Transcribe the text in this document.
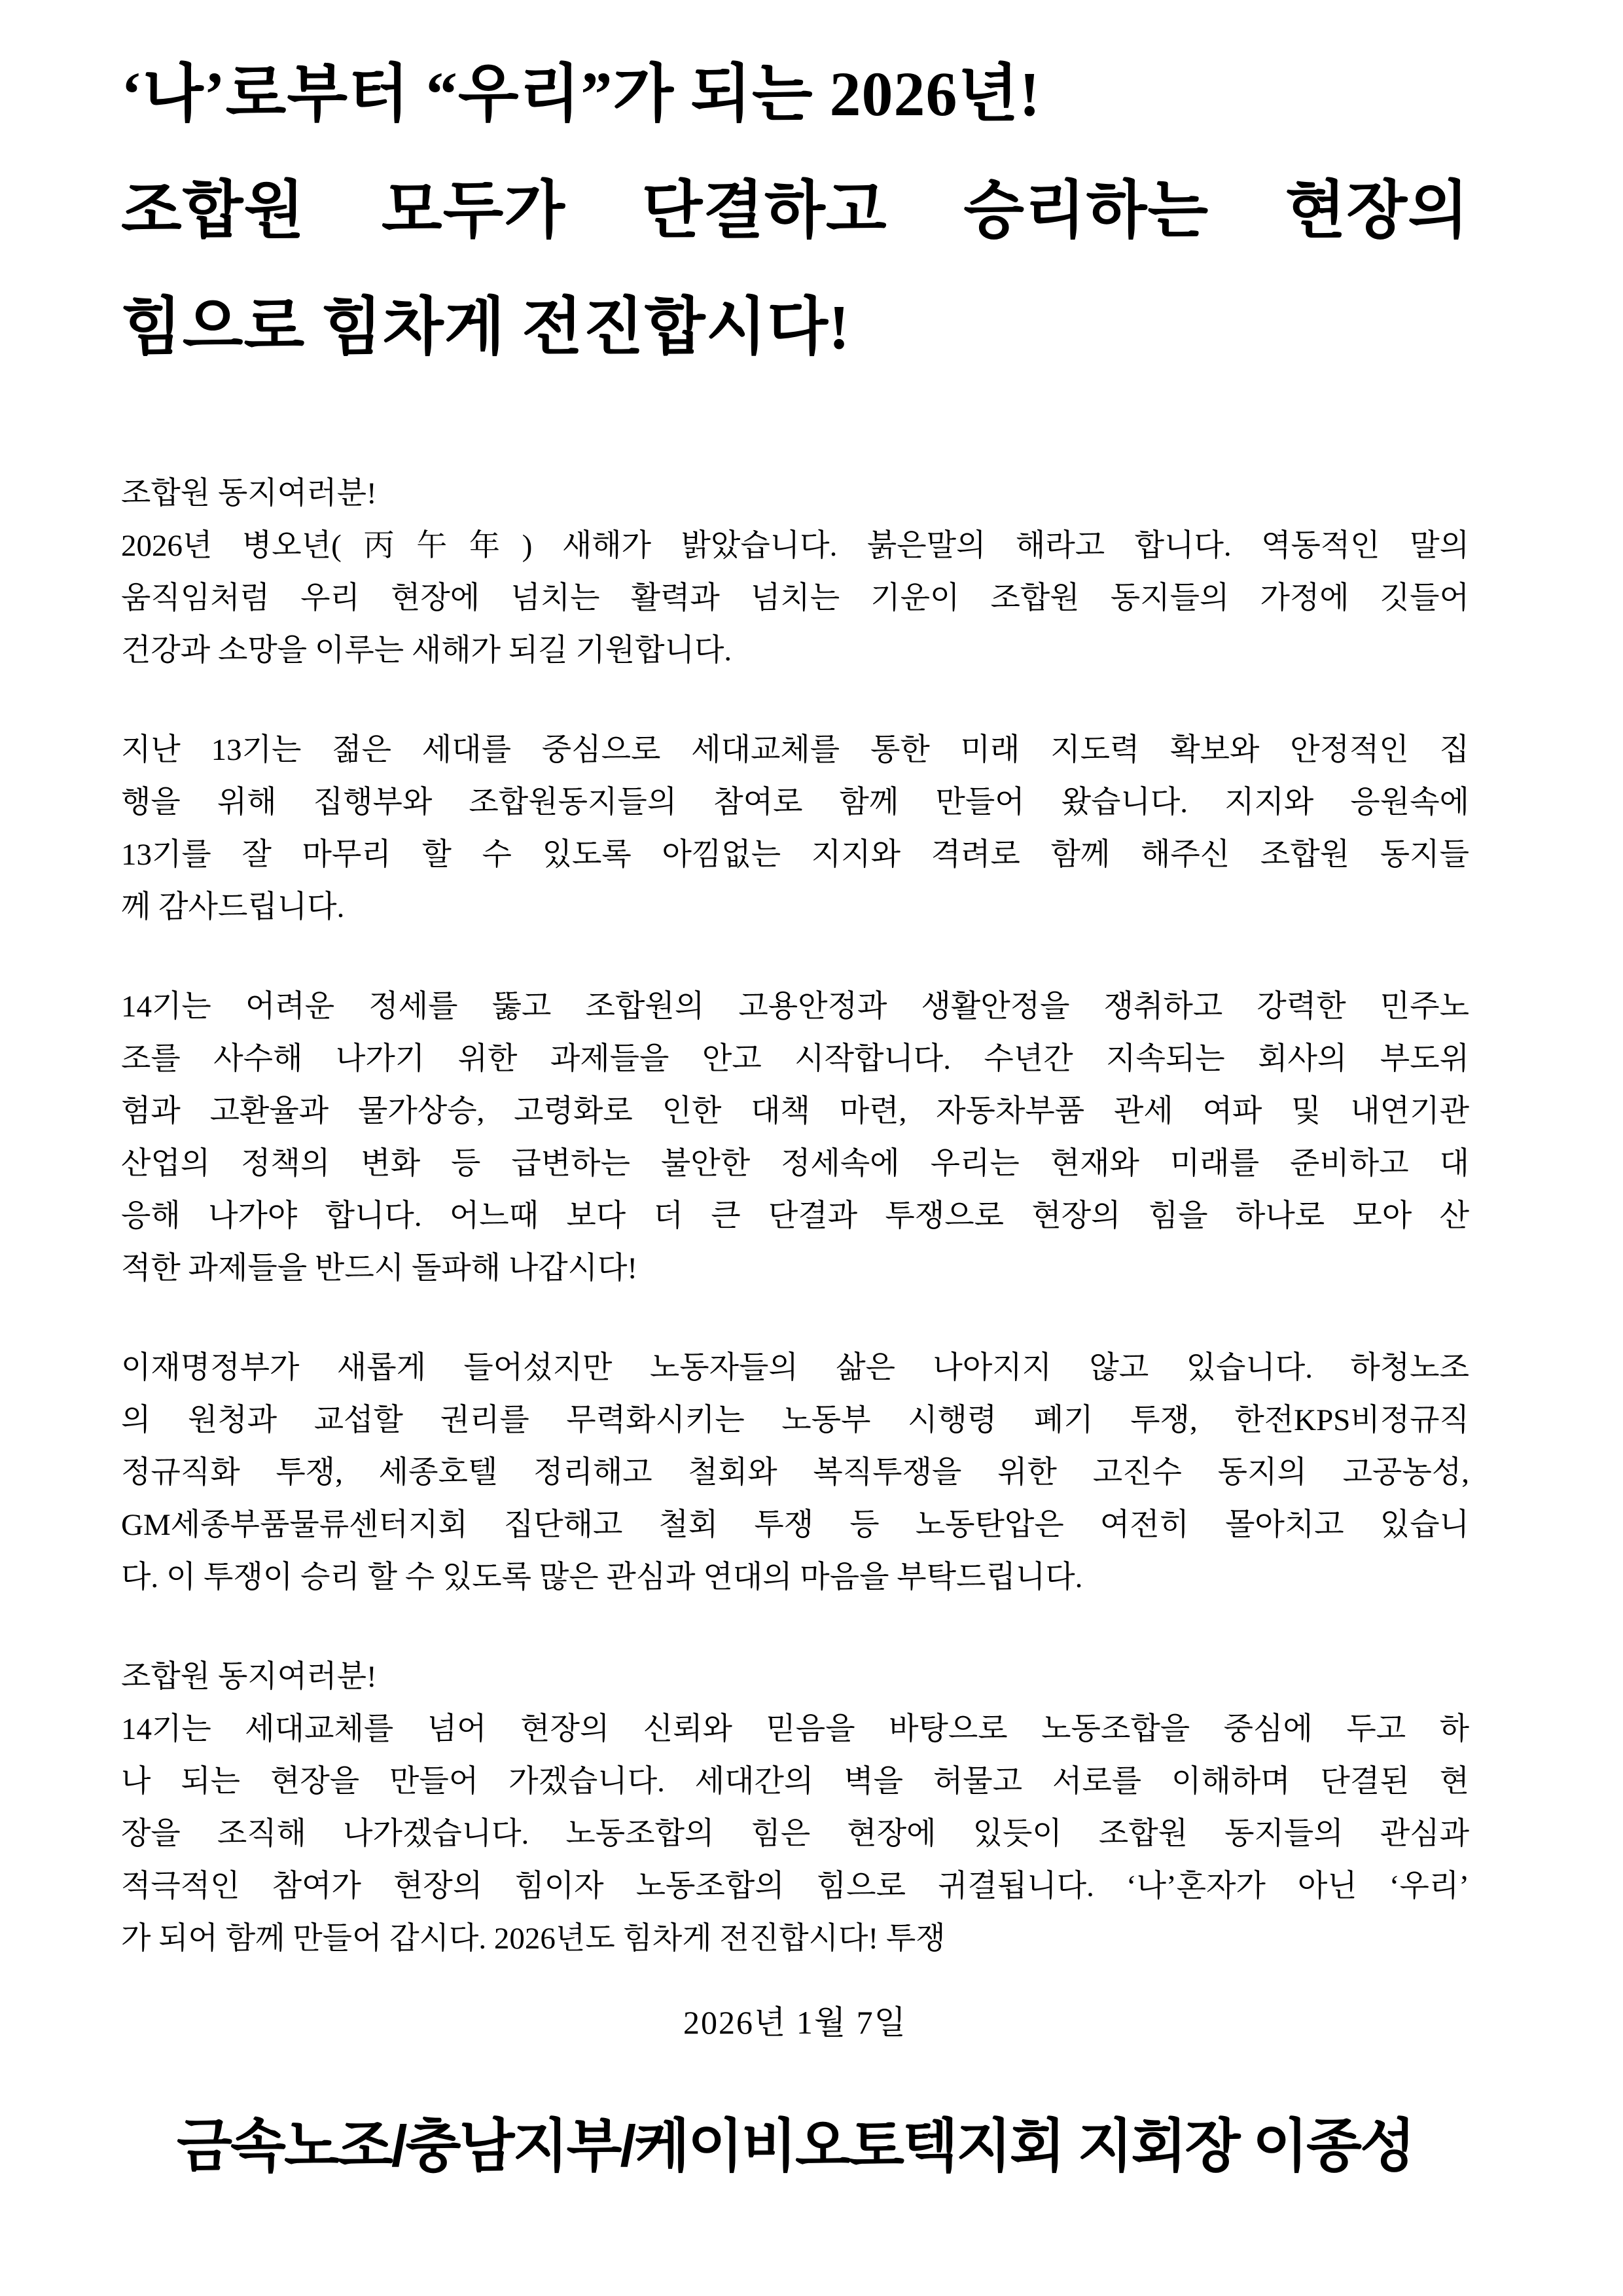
‘나’로부터 “우리”가 되는 2026년!
조합원 모두가 단결하고 승리하는 현장의
힘으로 힘차게 전진합시다!
조합원 동지여러분!
2026년 병오년(丙午年) 새해가 밝았습니다. 붉은말의 해라고 합니다. 역동적인 말의
움직임처럼 우리 현장에 넘치는 활력과 넘치는 기운이 조합원 동지들의 가정에 깃들어
건강과 소망을 이루는 새해가 되길 기원합니다.
지난 13기는 젊은 세대를 중심으로 세대교체를 통한 미래 지도력 확보와 안정적인 집
행을 위해 집행부와 조합원동지들의 참여로 함께 만들어 왔습니다. 지지와 응원속에
13기를 잘 마무리 할 수 있도록 아낌없는 지지와 격려로 함께 해주신 조합원 동지들
께 감사드립니다.
14기는 어려운 정세를 뚫고 조합원의 고용안정과 생활안정을 쟁취하고 강력한 민주노
조를 사수해 나가기 위한 과제들을 안고 시작합니다. 수년간 지속되는 회사의 부도위
험과 고환율과 물가상승, 고령화로 인한 대책 마련, 자동차부품 관세 여파 및 내연기관
산업의 정책의 변화 등 급변하는 불안한 정세속에 우리는 현재와 미래를 준비하고 대
응해 나가야 합니다. 어느때 보다 더 큰 단결과 투쟁으로 현장의 힘을 하나로 모아 산
적한 과제들을 반드시 돌파해 나갑시다!
이재명정부가 새롭게 들어섰지만 노동자들의 삶은 나아지지 않고 있습니다. 하청노조
의 원청과 교섭할 권리를 무력화시키는 노동부 시행령 폐기 투쟁, 한전KPS비정규직
정규직화 투쟁, 세종호텔 정리해고 철회와 복직투쟁을 위한 고진수 동지의 고공농성,
GM세종부품물류센터지회 집단해고 철회 투쟁 등 노동탄압은 여전히 몰아치고 있습니
다. 이 투쟁이 승리 할 수 있도록 많은 관심과 연대의 마음을 부탁드립니다.
조합원 동지여러분!
14기는 세대교체를 넘어 현장의 신뢰와 믿음을 바탕으로 노동조합을 중심에 두고 하
나 되는 현장을 만들어 가겠습니다. 세대간의 벽을 허물고 서로를 이해하며 단결된 현
장을 조직해 나가겠습니다. 노동조합의 힘은 현장에 있듯이 조합원 동지들의 관심과
적극적인 참여가 현장의 힘이자 노동조합의 힘으로 귀결됩니다. ‘나’혼자가 아닌 ‘우리’
가 되어 함께 만들어 갑시다. 2026년도 힘차게 전진합시다! 투쟁
2026년 1월 7일
금속노조/충남지부/케이비오토텍지회 지회장 이종성
